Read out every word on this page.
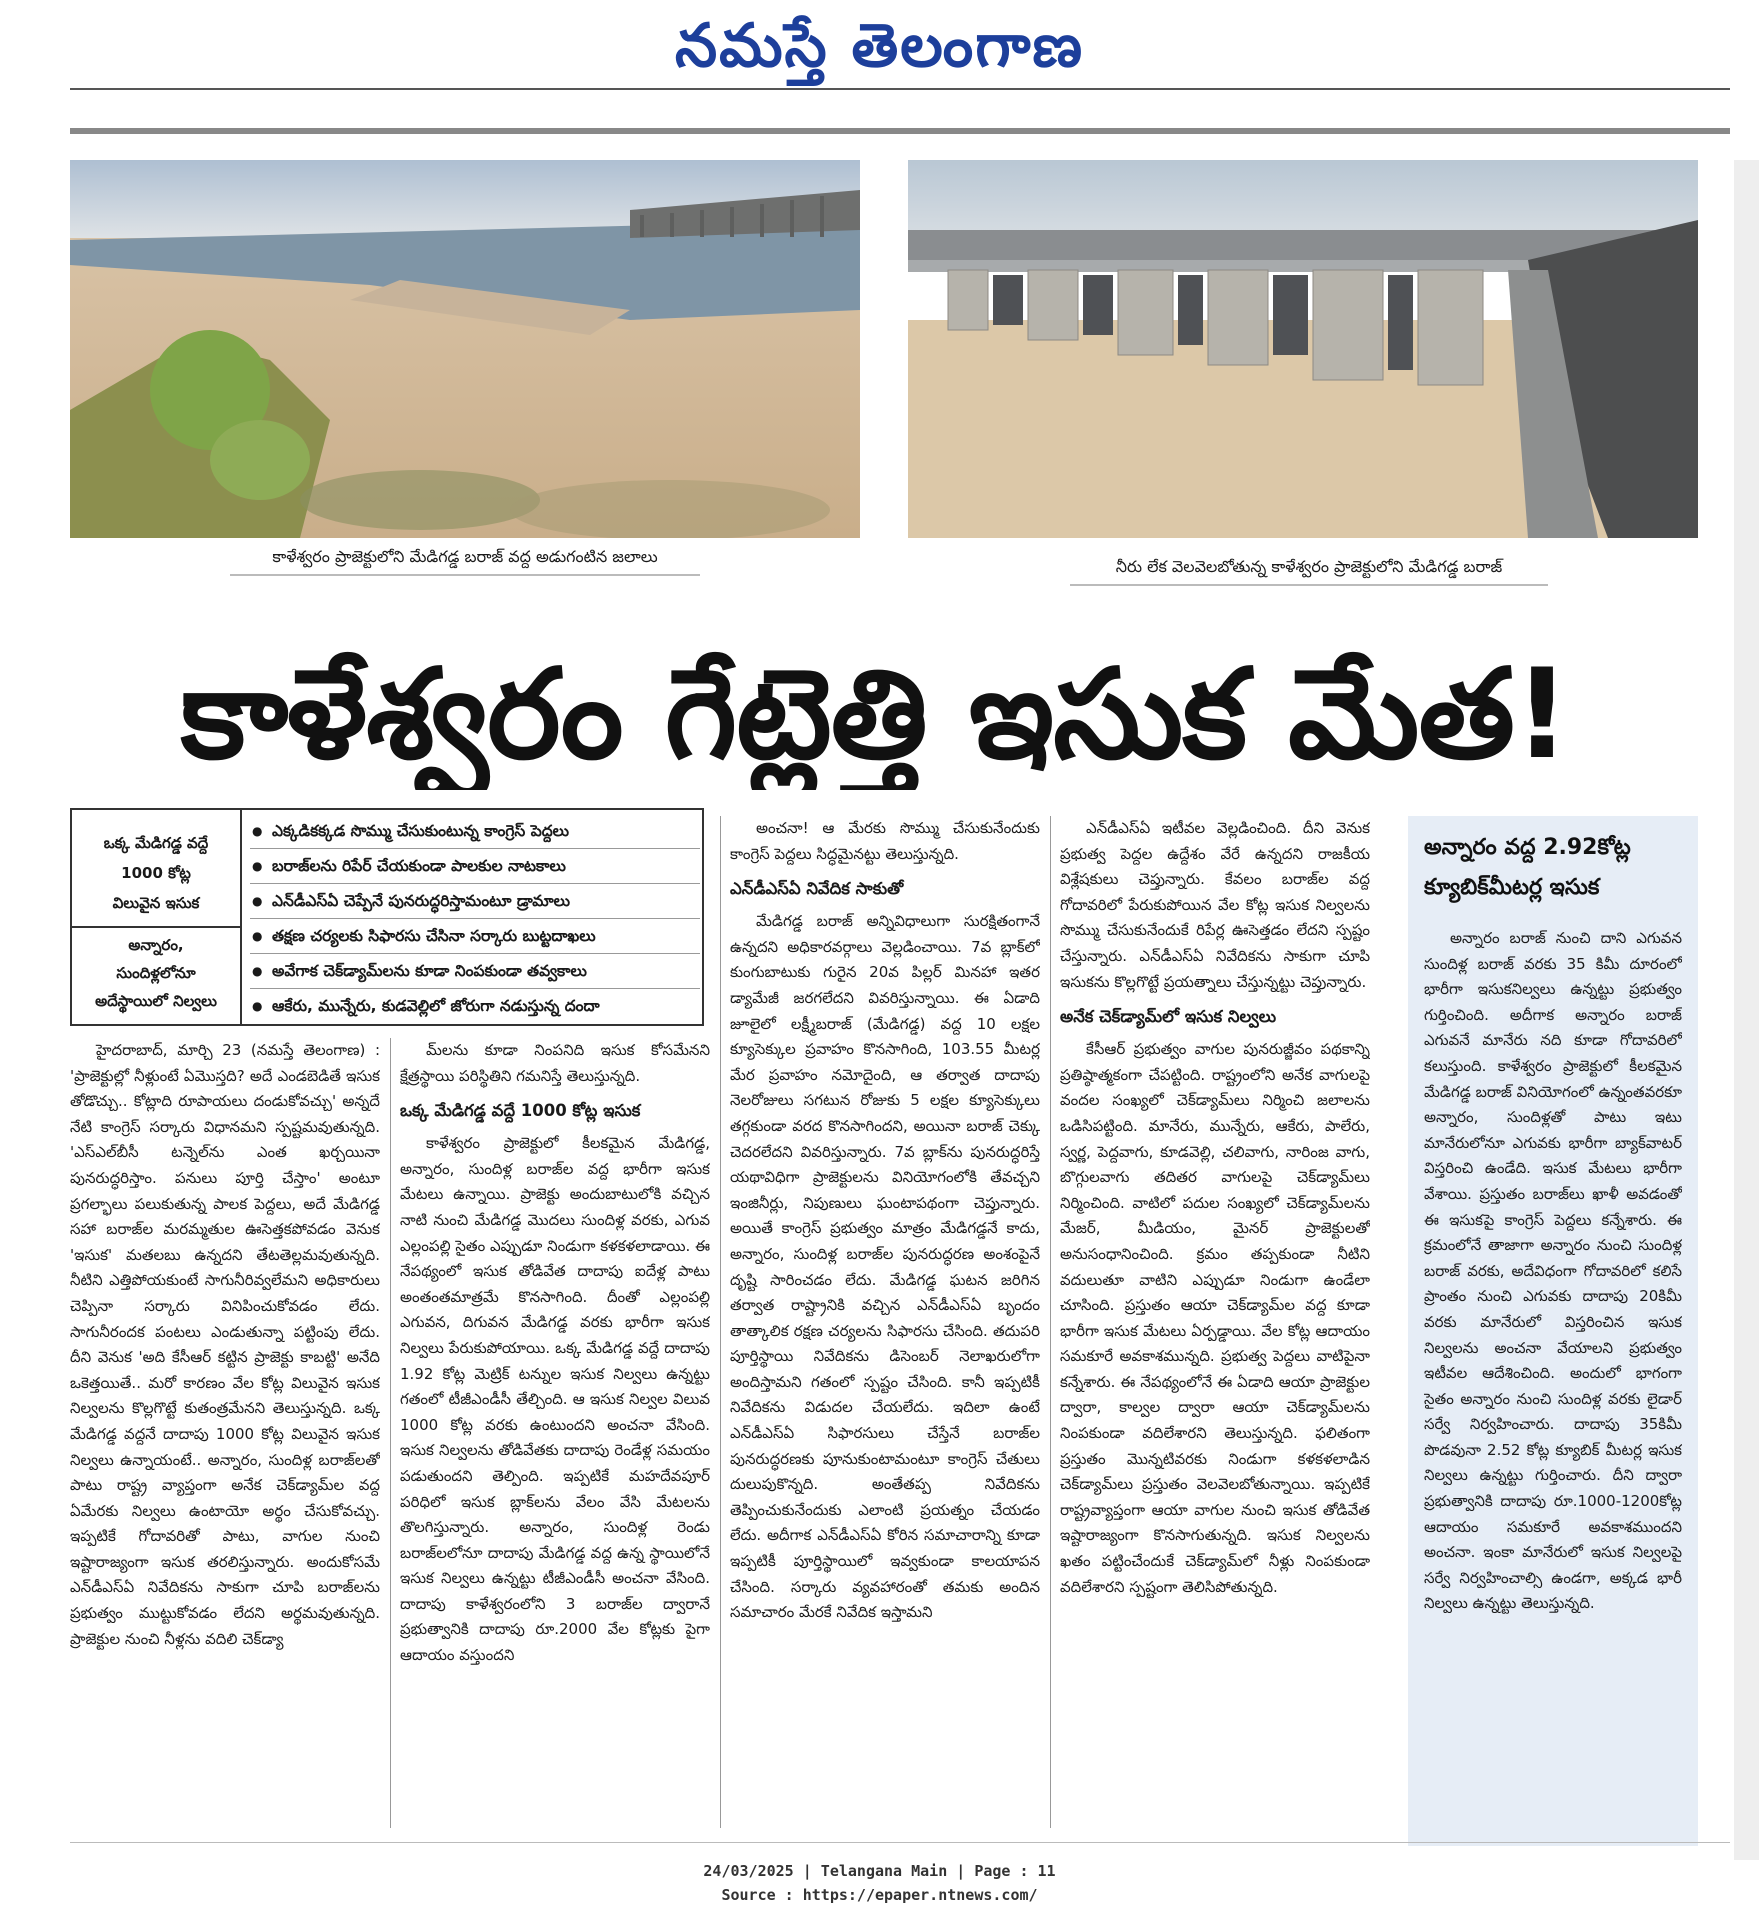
నమస్తే తెలంగాణ
కాళేశ్వరం ప్రాజెక్టులోని మేడిగడ్డ బరాజ్ వద్ద అడుగంటిన జలాలు
నీరు లేక వెలవెలబోతున్న కాళేశ్వరం ప్రాజెక్టులోని మేడిగడ్డ బరాజ్
కాళేశ్వరం గేట్లెత్తి ఇసుక మేత!
ఒక్క మేడిగడ్డ వద్దే
1000 కోట్ల
విలువైన ఇసుక
అన్నారం,
సుందిళ్లలోనూ
అదేస్థాయిలో నిల్వలు
● ఎక్కడికక్కడ సొమ్ము చేసుకుంటున్న కాంగ్రెస్ పెద్దలు
● బరాజ్‌లను రిపేర్ చేయకుండా పాలకుల నాటకాలు
● ఎన్‌డీఎస్‌ఏ చెప్పేనే పునరుద్ధరిస్తామంటూ డ్రామాలు
● తక్షణ చర్యలకు సిఫారసు చేసినా సర్కారు బుట్టదాఖలు
● అవేగాక చెక్‌డ్యామ్‌లను కూడా నింపకుండా తవ్వకాలు
● ఆకేరు, మున్నేరు, కుడవెల్లిలో జోరుగా నడుస్తున్న దందా

హైదరాబాద్, మార్చి 23 (నమస్తే తెలంగాణ) : 'ప్రాజెక్టుల్లో నీళ్లుంటే ఏమొస్తది? అదే ఎండబెడితే ఇసుక తోడొచ్చు.. కోట్లాది రూపాయలు దండుకోవచ్చు' అన్నదే నేటి కాంగ్రెస్ సర్కారు విధానమని స్పష్టమవుతున్నది. 'ఎస్‌ఎల్‌బీసీ టన్నెల్‌ను ఎంత ఖర్చయినా పునరుద్ధరిస్తాం. పనులు పూర్తి చేస్తాం' అంటూ ప్రగల్భాలు పలుకుతున్న పాలక పెద్దలు, అదే మేడిగడ్డ సహా బరాజ్‌ల మరమ్మతుల ఊసెత్తకపోవడం వెనుక 'ఇసుక' మతలబు ఉన్నదని తేటతెల్లమవుతున్నది. నీటిని ఎత్తిపోయకుంటే సాగునీరివ్వలేమని అధికారులు చెప్పినా సర్కారు వినిపించుకోవడం లేదు. సాగునీరందక పంటలు ఎండుతున్నా పట్టింపు లేదు. దీని వెనుక 'అది కేసీఆర్ కట్టిన ప్రాజెక్టు కాబట్టి' అనేది ఒకెత్తయితే.. మరో కారణం వేల కోట్ల విలువైన ఇసుక నిల్వలను కొల్లగొట్టే కుతంత్రమేనని తెలుస్తున్నది. ఒక్క మేడిగడ్డ వద్దనే దాదాపు 1000 కోట్ల విలువైన ఇసుక నిల్వలు ఉన్నాయంటే.. అన్నారం, సుందిళ్ల బరాజ్‌లతో పాటు రాష్ట్ర వ్యాప్తంగా అనేక చెక్‌డ్యామ్‌ల వద్ద ఏమేరకు నిల్వలు ఉంటాయో అర్థం చేసుకోవచ్చు. ఇప్పటికే గోదావరితో పాటు, వాగుల నుంచి ఇష్టారాజ్యంగా ఇసుక తరలిస్తున్నారు. అందుకోసమే ఎన్‌డీఎస్‌ఏ నివేదికను సాకుగా చూపి బరాజ్‌లను ప్రభుత్వం ముట్టుకోవడం లేదని అర్థమవుతున్నది. ప్రాజెక్టుల నుంచి నీళ్లను వదిలి చెక్‌డ్యా

మ్‌లను కూడా నింపనిది ఇసుక కోసమేనని క్షేత్రస్థాయి పరిస్థితిని గమనిస్తే తెలుస్తున్నది.

ఒక్క మేడిగడ్డ వద్దే 1000 కోట్ల ఇసుక

కాళేశ్వరం ప్రాజెక్టులో కీలకమైన మేడిగడ్డ, అన్నారం, సుందిళ్ల బరాజ్‌ల వద్ద భారీగా ఇసుక మేటలు ఉన్నాయి. ప్రాజెక్టు అందుబాటులోకి వచ్చిన నాటి నుంచి మేడిగడ్డ మొదలు సుందిళ్ల వరకు, ఎగువ ఎల్లంపల్లి సైతం ఎప్పుడూ నిండుగా కళకళలాడాయి. ఈ నేపథ్యంలో ఇసుక తోడివేత దాదాపు ఐదేళ్ల పాటు అంతంతమాత్రమే కొనసాగింది. దీంతో ఎల్లంపల్లి ఎగువన, దిగువన మేడిగడ్డ వరకు భారీగా ఇసుక నిల్వలు పేరుకుపోయాయి. ఒక్క మేడిగడ్డ వద్దే దాదాపు 1.92 కోట్ల మెట్రిక్ టన్నుల ఇసుక నిల్వలు ఉన్నట్టు గతంలో టీజీఎండీసీ తేల్చింది. ఆ ఇసుక నిల్వల విలువ 1000 కోట్ల వరకు ఉంటుందని అంచనా వేసింది. ఇసుక నిల్వలను తోడివేతకు దాదాపు రెండేళ్ల సమయం పడుతుందని తెల్పింది. ఇప్పటికే మహదేవపూర్ పరిధిలో ఇసుక బ్లాక్‌లను వేలం వేసి మేటలను తొలగిస్తున్నారు. అన్నారం, సుందిళ్ల రెండు బరాజ్‌లలోనూ దాదాపు మేడిగడ్డ వద్ద ఉన్న స్థాయిలోనే ఇసుక నిల్వలు ఉన్నట్టు టీజీఎండీసీ అంచనా వేసింది. దాదాపు కాళేశ్వరంలోని 3 బరాజ్‌ల ద్వారానే ప్రభుత్వానికి దాదాపు రూ.2000 వేల కోట్లకు పైగా ఆదాయం వస్తుందని

అంచనా! ఆ మేరకు సొమ్ము చేసుకునేందుకు కాంగ్రెస్ పెద్దలు సిద్ధమైనట్టు తెలుస్తున్నది.

ఎన్‌డీఎస్‌ఏ నివేదిక సాకుతో

మేడిగడ్డ బరాజ్ అన్నివిధాలుగా సురక్షితంగానే ఉన్నదని అధికారవర్గాలు వెల్లడించాయి. 7వ బ్లాక్‌లో కుంగుబాటుకు గురైన 20వ పిల్లర్ మినహా ఇతర డ్యామేజీ జరగలేదని వివరిస్తున్నాయి. ఈ ఏడాది జూలైలో లక్ష్మీబరాజ్ (మేడిగడ్డ) వద్ద 10 లక్షల క్యూసెక్కుల ప్రవాహం కొనసాగింది, 103.55 మీటర్ల మేర ప్రవాహం నమోదైంది, ఆ తర్వాత దాదాపు నెలరోజులు సగటున రోజుకు 5 లక్షల క్యూసెక్కులు తగ్గకుండా వరద కొనసాగిందని, అయినా బరాజ్ చెక్కు చెదరలేదని వివరిస్తున్నారు. 7వ బ్లాక్‌ను పునరుద్ధరిస్తే యథావిధిగా ప్రాజెక్టులను వినియోగంలోకి తేవచ్చని ఇంజినీర్లు, నిపుణులు ఘంటాపథంగా చెప్తున్నారు. అయితే కాంగ్రెస్ ప్రభుత్వం మాత్రం మేడిగడ్డనే కాదు, అన్నారం, సుందిళ్ల బరాజ్‌ల పునరుద్ధరణ అంశంపైనే దృష్టి సారించడం లేదు. మేడిగడ్డ ఘటన జరిగిన తర్వాత రాష్ట్రానికి వచ్చిన ఎన్‌డీఎస్‌ఏ బృందం తాత్కాలిక రక్షణ చర్యలను సిఫారసు చేసింది. తదుపరి పూర్తిస్థాయి నివేదికను డిసెంబర్ నెలాఖరులోగా అందిస్తామని గతంలో స్పష్టం చేసింది. కానీ ఇప్పటికీ నివేదికను విడుదల చేయలేదు. ఇదిలా ఉంటే ఎన్‌డీఎస్‌ఏ సిఫారసులు చేస్తేనే బరాజ్‌ల పునరుద్ధరణకు పూనుకుంటామంటూ కాంగ్రెస్ చేతులు దులుపుకొన్నది. అంతేతప్ప నివేదికను తెప్పించుకునేందుకు ఎలాంటి ప్రయత్నం చేయడం లేదు. అదీగాక ఎన్‌డీఎస్‌ఏ కోరిన సమాచారాన్ని కూడా ఇప్పటికీ పూర్తిస్థాయిలో ఇవ్వకుండా కాలయాపన చేసింది. సర్కారు వ్యవహారంతో తమకు అందిన సమాచారం మేరకే నివేదిక ఇస్తామని

ఎన్‌డీఎస్‌ఏ ఇటీవల వెల్లడించింది. దీని వెనుక ప్రభుత్వ పెద్దల ఉద్దేశం వేరే ఉన్నదని రాజకీయ విశ్లేషకులు చెప్తున్నారు. కేవలం బరాజ్‌ల వద్ద గోదావరిలో పేరుకుపోయిన వేల కోట్ల ఇసుక నిల్వలను సొమ్ము చేసుకునేందుకే రిపేర్ల ఊసెత్తడం లేదని స్పష్టం చేస్తున్నారు. ఎన్‌డీఎస్‌ఏ నివేదికను సాకుగా చూపి ఇసుకను కొల్లగొట్టే ప్రయత్నాలు చేస్తున్నట్టు చెప్తున్నారు.

అనేక చెక్‌డ్యామ్‌లో ఇసుక నిల్వలు

కేసీఆర్ ప్రభుత్వం వాగుల పునరుజ్జీవం పథకాన్ని ప్రతిష్ఠాత్మకంగా చేపట్టింది. రాష్ట్రంలోని అనేక వాగులపై వందల సంఖ్యలో చెక్‌డ్యామ్‌లు నిర్మించి జలాలను ఒడిసిపట్టింది. మానేరు, మున్నేరు, ఆకేరు, పాలేరు, స్వర్ణ, పెద్దవాగు, కూడవెల్లి, చలివాగు, నారింజ వాగు, బొగ్గులవాగు తదితర వాగులపై చెక్‌డ్యామ్‌లు నిర్మించింది. వాటిలో పదుల సంఖ్యలో చెక్‌డ్యామ్‌లను మేజర్, మీడియం, మైనర్ ప్రాజెక్టులతో అనుసంధానించింది. క్రమం తప్పకుండా నీటిని వదులుతూ వాటిని ఎప్పుడూ నిండుగా ఉండేలా చూసింది. ప్రస్తుతం ఆయా చెక్‌డ్యామ్‌ల వద్ద కూడా భారీగా ఇసుక మేటలు ఏర్పడ్డాయి. వేల కోట్ల ఆదాయం సమకూరే అవకాశమున్నది. ప్రభుత్వ పెద్దలు వాటిపైనా కన్నేశారు. ఈ నేపథ్యంలోనే ఈ ఏడాది ఆయా ప్రాజెక్టుల ద్వారా, కాల్వల ద్వారా ఆయా చెక్‌డ్యామ్‌లను నింపకుండా వదిలేశారని తెలుస్తున్నది. ఫలితంగా ప్రస్తుతం మొన్నటివరకు నిండుగా కళకళలాడిన చెక్‌డ్యామ్‌లు ప్రస్తుతం వెలవెలబోతున్నాయి. ఇప్పటికే రాష్ట్రవ్యాప్తంగా ఆయా వాగుల నుంచి ఇసుక తోడివేత ఇష్టారాజ్యంగా కొనసాగుతున్నది. ఇసుక నిల్వలను ఖతం పట్టించేందుకే చెక్‌డ్యామ్‌లో నీళ్లు నింపకుండా వదిలేశారని స్పష్టంగా తెలిసిపోతున్నది.

అన్నారం వద్ద 2.92కోట్ల క్యూబిక్‌మీటర్ల ఇసుక

అన్నారం బరాజ్ నుంచి దాని ఎగువన సుందిళ్ల బరాజ్ వరకు 35 కిమీ దూరంలో భారీగా ఇసుకనిల్వలు ఉన్నట్టు ప్రభుత్వం గుర్తించింది. అదీగాక అన్నారం బరాజ్ ఎగువనే మానేరు నది కూడా గోదావరిలో కలుస్తుంది. కాళేశ్వరం ప్రాజెక్టులో కీలకమైన మేడిగడ్డ బరాజ్ వినియోగంలో ఉన్నంతవరకూ అన్నారం, సుందిళ్లతో పాటు ఇటు మానేరులోనూ ఎగువకు భారీగా బ్యాక్‌వాటర్ విస్తరించి ఉండేది. ఇసుక మేటలు భారీగా వేశాయి. ప్రస్తుతం బరాజ్‌లు ఖాళీ అవడంతో ఈ ఇసుకపై కాంగ్రెస్ పెద్దలు కన్నేశారు. ఈ క్రమంలోనే తాజాగా అన్నారం నుంచి సుందిళ్ల బరాజ్ వరకు, అదేవిధంగా గోదావరిలో కలిసే ప్రాంతం నుంచి ఎగువకు దాదాపు 20కిమీ వరకు మానేరులో విస్తరించిన ఇసుక నిల్వలను అంచనా వేయాలని ప్రభుత్వం ఇటీవల ఆదేశించింది. అందులో భాగంగా సైతం అన్నారం నుంచి సుందిళ్ల వరకు లైడార్ సర్వే నిర్వహించారు. దాదాపు 35కిమీ పొడవునా 2.52 కోట్ల క్యూబిక్ మీటర్ల ఇసుక నిల్వలు ఉన్నట్టు గుర్తించారు. దీని ద్వారా ప్రభుత్వానికి దాదాపు రూ.1000-1200కోట్ల ఆదాయం సమకూరే అవకాశముందని అంచనా. ఇంకా మానేరులో ఇసుక నిల్వలపై సర్వే నిర్వహించాల్సి ఉండగా, అక్కడ భారీ నిల్వలు ఉన్నట్టు తెలుస్తున్నది.

24/03/2025 | Telangana Main | Page : 11
Source : https://epaper.ntnews.com/
